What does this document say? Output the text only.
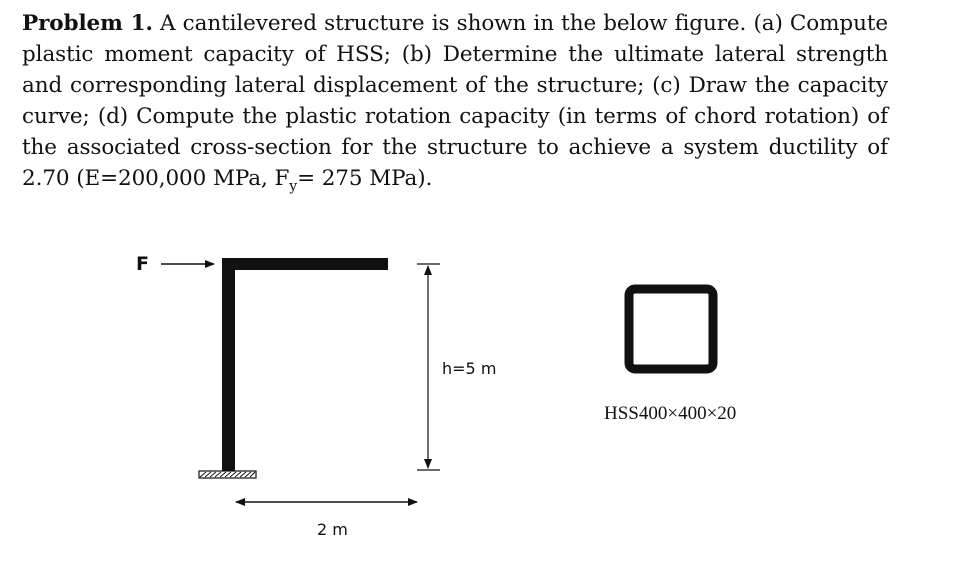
Problem 1. A cantilevered structure is shown in the below figure. (a) Compute plastic moment capacity of HSS; (b) Determine the ultimate lateral strength and corresponding lateral displacement of the structure; (c) Draw the capacity curve; (d) Compute the plastic rotation capacity (in terms of chord rotation) of the associated cross-section for the structure to achieve a system ductility of 2.70 (E=200,000 MPa, $F_y= 275$ MPa).
F
h=5 m
2 m
HSS400×400×20
